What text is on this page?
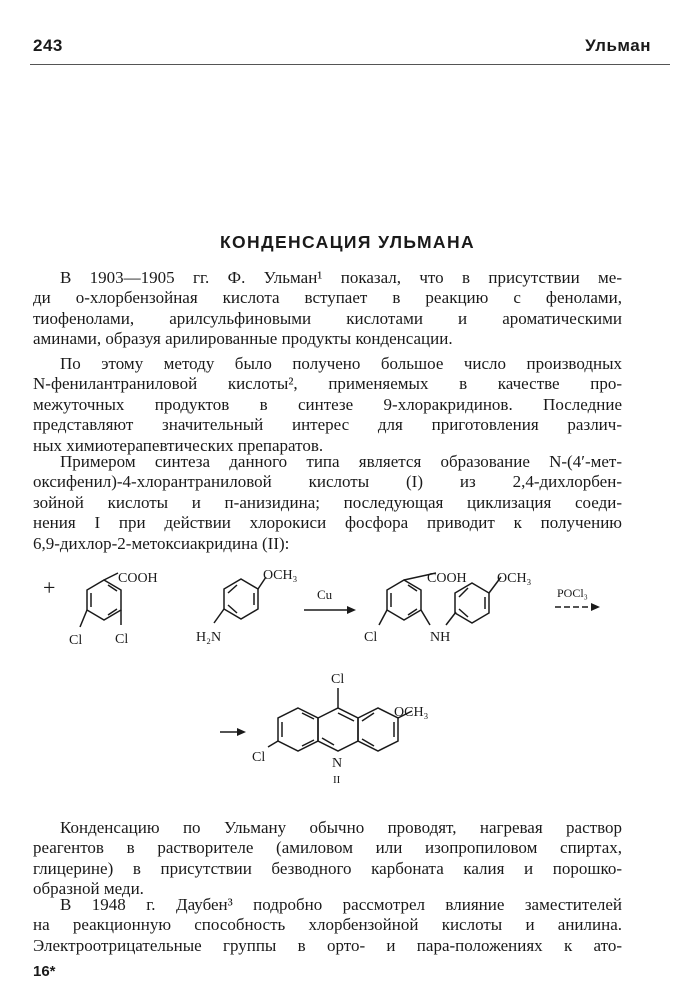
243	Ульман
КОНДЕНСАЦИЯ УЛЬМАНА
В 1903—1905 гг. Ф. Ульман¹ показал, что в присутствии ме-
ди о-хлорбензойная кислота вступает в реакцию с фенолами,
тиофенолами, арилсульфиновыми кислотами и ароматическими
аминами, образуя арилированные продукты конденсации.
По этому методу было получено большое число производных
N-фенилантраниловой кислоты², применяемых в качестве про-
межуточных продуктов в синтезе 9-хлоракридинов. Последние
представляют значительный интерес для приготовления различ-
ных химиотерапевтических препаратов.
Примером синтеза данного типа является образование N-(4′-мет-
оксифенил)-4-хлорантраниловой кислоты (I) из 2,4-дихлорбен-
зойной кислоты и п-анизидина; последующая циклизация соеди-
нения I при действии хлорокиси фосфора приводит к получению
6,9-дихлор-2-метоксиакридина (II):
+	COOH
Cl Cl
OCH₃
H₂N
Cu
COOH OCH₃
Cl	NH
POCl₃
Cl
OCH₃
Cl	N
II
Конденсацию по Ульману обычно проводят, нагревая раствор
реагентов в растворителе (амиловом или изопропиловом спиртах,
глицерине) в присутствии безводного карбоната калия и порошко-
образной меди.
В 1948 г. Даубен³ подробно рассмотрел влияние заместителей
на реакционную способность хлорбензойной кислоты и анилина.
Электроотрицательные группы в орто- и пара-положениях к ато-
16*
